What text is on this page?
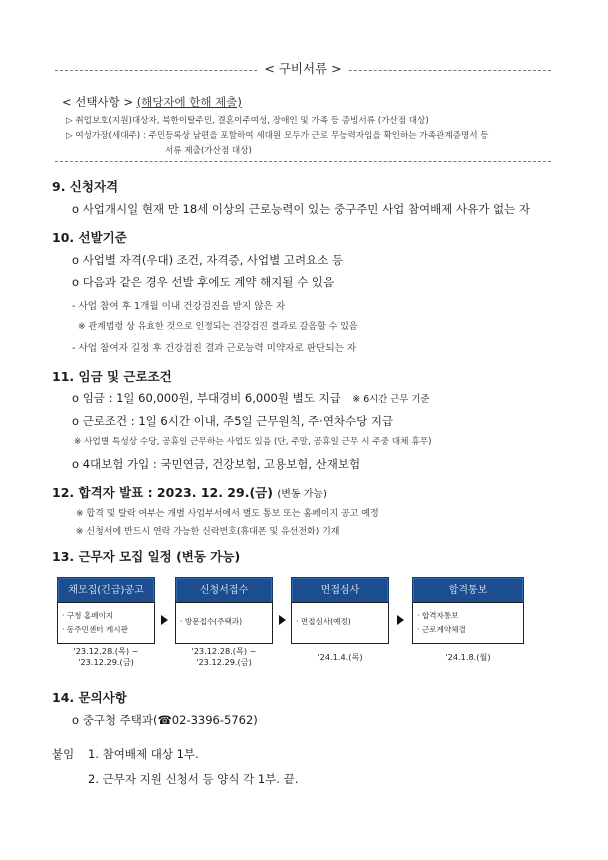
< 구비서류 >
< 선택사항 > (해당자에 한해 제출)
▷ 취업보호(지원)대상자, 북한이탈주민, 결혼이주여성, 장애인 및 가족 등 증빙서류 (가산점 대상)
▷ 여성가장(세대주) : 주민등록상 남편을 포함하여 세대원 모두가 근로 무능력자임을 확인하는 가족관계증명서 등
서류 제출(가산점 대상)
9. 신청자격
o 사업개시일 현재 만 18세 이상의 근로능력이 있는 중구주민 사업 참여배제 사유가 없는 자
10. 선발기준
o 사업별 자격(우대) 조건, 자격증, 사업별 고려요소 등
o 다음과 같은 경우 선발 후에도 계약 해지될 수 있음
- 사업 참여 후 1개월 이내 건강검진을 받지 않은 자
※ 관계법령 상 유효한 것으로 인정되는 건강검진 결과로 갈음할 수 있음
- 사업 참여자 길정 후 건강검진 결과 근로능력 미약자로 판단되는 자
11. 임금 및 근로조건
o 임금 : 1일 60,000원, 부대경비 6,000원 별도 지급 ※ 6시간 근무 기준
o 근로조건 : 1일 6시간 이내, 주5일 근무원칙, 주·연차수당 지급
※ 사업별 특성상 수당, 공휴일 근무하는 사업도 있음 (단, 주말, 공휴일 근무 시 주중 대체 휴무)
o 4대보험 가입 : 국민연금, 건강보험, 고용보험, 산재보험
12. 합격자 발표 : 2023. 12. 29.(금) (변동 가능)
※ 합격 및 탈락 여부는 개별 사업부서에서 별도 통보 또는 홈페이지 공고 예정
※ 신청서에 반드시 연락 가능한 신락번호(휴대폰 및 유선전화) 기재
13. 근무자 모집 일정 (변동 가능)
채모집(긴급)공고
· 구청 홈페이지
· 동주민센터 게시판
'23.12.28.(목) ~
'23.12.29.(금)
신청서접수
· 방문접수(주택과)
'23.12.28.(목) ~
'23.12.29.(금)
면접심사
· 면접심사(예정)
'24.1.4.(목)
합격통보
· 합격자통보
· 근로계약체결
'24.1.8.(월)
14. 문의사항
o 중구청 주택과(☎02-3396-5762)
붙임 1. 참여배제 대상 1부.
2. 근무자 지원 신청서 등 양식 각 1부. 끝.
